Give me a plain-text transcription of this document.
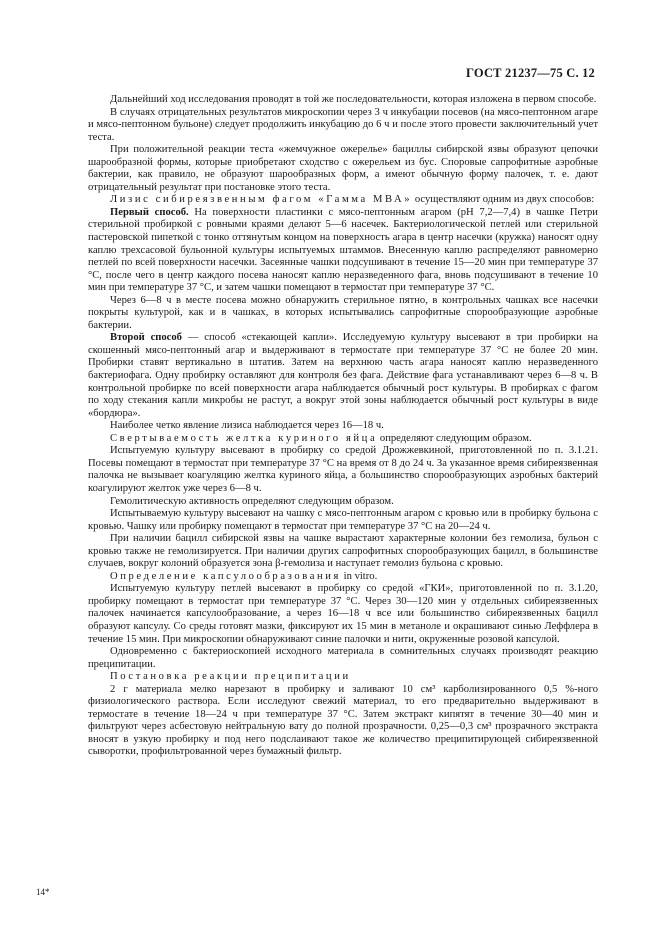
ГОСТ 21237—75 С. 12

Дальнейший ход исследования проводят в той же последовательности, которая изложена в первом способе.

В случаях отрицательных результатов микроскопии через 3 ч инкубации посевов (на мясо-пептонном агаре и мясо-пептонном бульоне) следует продолжить инкубацию до 6 ч и после этого провести заключительный учет теста.

При положительной реакции теста «жемчужное ожерелье» бациллы сибирской язвы образуют цепочки шарообразной формы, которые приобретают сходство с ожерельем из бус. Споровые сапрофитные аэробные бактерии, как правило, не образуют шарообразных форм, а имеют обычную форму палочек, т. е. дают отрицательный результат при постановке этого теста.

Лизис сибиреязвенным фагом «Гамма МВА» осуществляют одним из двух способов:

Первый способ. На поверхности пластинки с мясо-пептонным агаром (рН 7,2—7,4) в чашке Петри стерильной пробиркой с ровными краями делают 5—6 насечек. Бактериологической петлей или стерильной пастеровской пипеткой с тонко оттянутым концом на поверхность агара в центр насечки (кружка) наносят одну каплю трехсасовой бульонной культуры испытуемых штаммов. Внесенную каплю распределяют равномерно петлей по всей поверхности насечки. Засеянные чашки подсушивают в течение 15—20 мин при температуре 37 °С, после чего в центр каждого посева наносят каплю неразведенного фага, вновь подсушивают в течение 10 мин при температуре 37 °С, и затем чашки помещают в термостат при температуре 37 °С.

Через 6—8 ч в месте посева можно обнаружить стерильное пятно, в контрольных чашках все насечки покрыты культурой, как и в чашках, в которых испытывались сапрофитные спорообразующие аэробные бактерии.

Второй способ — способ «стекающей капли». Исследуемую культуру высевают в три пробирки на скошенный мясо-пептонный агар и выдерживают в термостате при температуре 37 °С не более 20 мин. Пробирки ставят вертикально в штатив. Затем на верхнюю часть агара наносят каплю неразведенного бактериофага. Одну пробирку оставляют для контроля без фага. Действие фага устанавливают через 6—8 ч. В контрольной пробирке по всей поверхности агара наблюдается обычный рост культуры. В пробирках с фагом по ходу стекания капли микробы не растут, а вокруг этой зоны наблюдается обычный рост культуры в виде «бордюра».

Наиболее четко явление лизиса наблюдается через 16—18 ч.

Свертываемость желтка куриного яйца определяют следующим образом.

Испытуемую культуру высевают в пробирку со средой Дрожжевкиной, приготовленной по п. 3.1.21. Посевы помещают в термостат при температуре 37 °С на время от 8 до 24 ч. За указанное время сибиреязвенная палочка не вызывает коагуляцию желтка куриного яйца, а большинство спорообразующих аэробных бактерий коагулируют желток уже через 6—8 ч.

Гемолитическую активность определяют следующим образом.

Испытываемую культуру высевают на чашку с мясо-пептонным агаром с кровью или в пробирку бульона с кровью. Чашку или пробирку помещают в термостат при температуре 37 °С на 20—24 ч.

При наличии бацилл сибирской язвы на чашке вырастают характерные колонии без гемолиза, бульон с кровью также не гемолизируется. При наличии других сапрофитных спорообразующих бацилл, в большинстве случаев, вокруг колоний образуется зона β-гемолиза и наступает гемолиз бульона с кровью.

Определение капсулообразования in vitro.

Испытуемую культуру петлей высевают в пробирку со средой «ГКИ», приготовленной по п. 3.1.20, пробирку помещают в термостат при температуре 37 °С. Через 30—120 мин у отдельных сибиреязвенных палочек начинается капсулообразование, а через 16—18 ч все или большинство сибиреязвенных бацилл образуют капсулу. Со среды готовят мазки, фиксируют их 15 мин в метаноле и окрашивают синью Леффлера в течение 15 мин. При микроскопии обнаруживают синие палочки и нити, окруженные розовой капсулой.

Одновременно с бактериоскопией исходного материала в сомнительных случаях производят реакцию преципитации.

Постановка реакции преципитации

2 г материала мелко нарезают в пробирку и заливают 10 см³ карболизированного 0,5 %-ного физиологического раствора. Если исследуют свежий материал, то его предварительно выдерживают в термостате в течение 18—24 ч при температуре 37 °С. Затем экстракт кипятят в течение 30—40 мин и фильтруют через асбестовую нейтральную вату до полной прозрачности. 0,25—0,3 см³ прозрачного экстракта вносят в узкую пробирку и под него подслаивают такое же количество преципитирующей сибиреязвенной сыворотки, профильтрованной через бумажный фильтр.

14*
